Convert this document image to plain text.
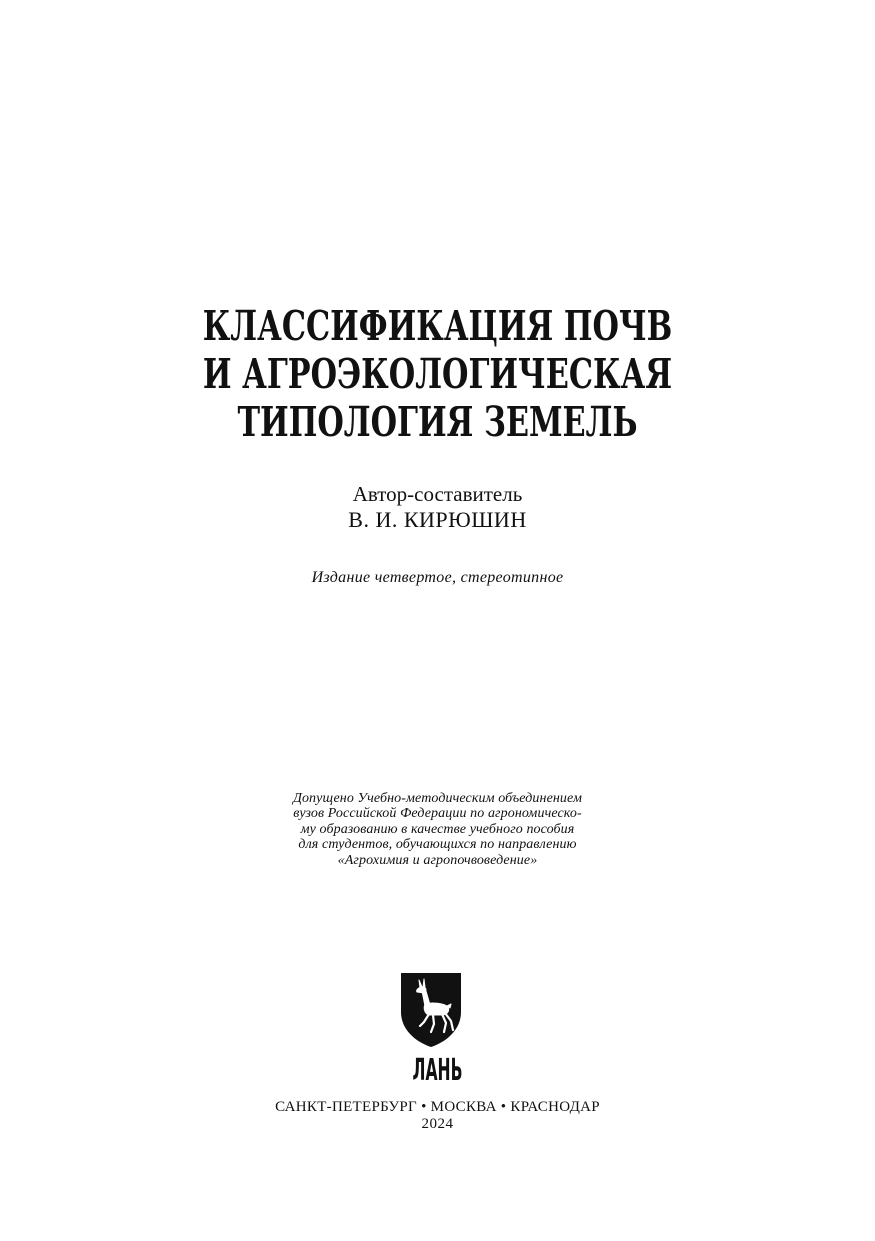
КЛАССИФИКАЦИЯ ПОЧВ
И АГРОЭКОЛОГИЧЕСКАЯ
ТИПОЛОГИЯ ЗЕМЕЛЬ
Автор-составитель
В. И. КИРЮШИН
Издание четвертое, стереотипное
Допущено Учебно-методическим объединением
вузов Российской Федерации по агрономическо-
му образованию в качестве учебного пособия
для студентов, обучающихся по направлению
«Агрохимия и агропочвоведение»
ЛАНЬ
САНКТ-ПЕТЕРБУРГ • МОСКВА • КРАСНОДАР
2024
